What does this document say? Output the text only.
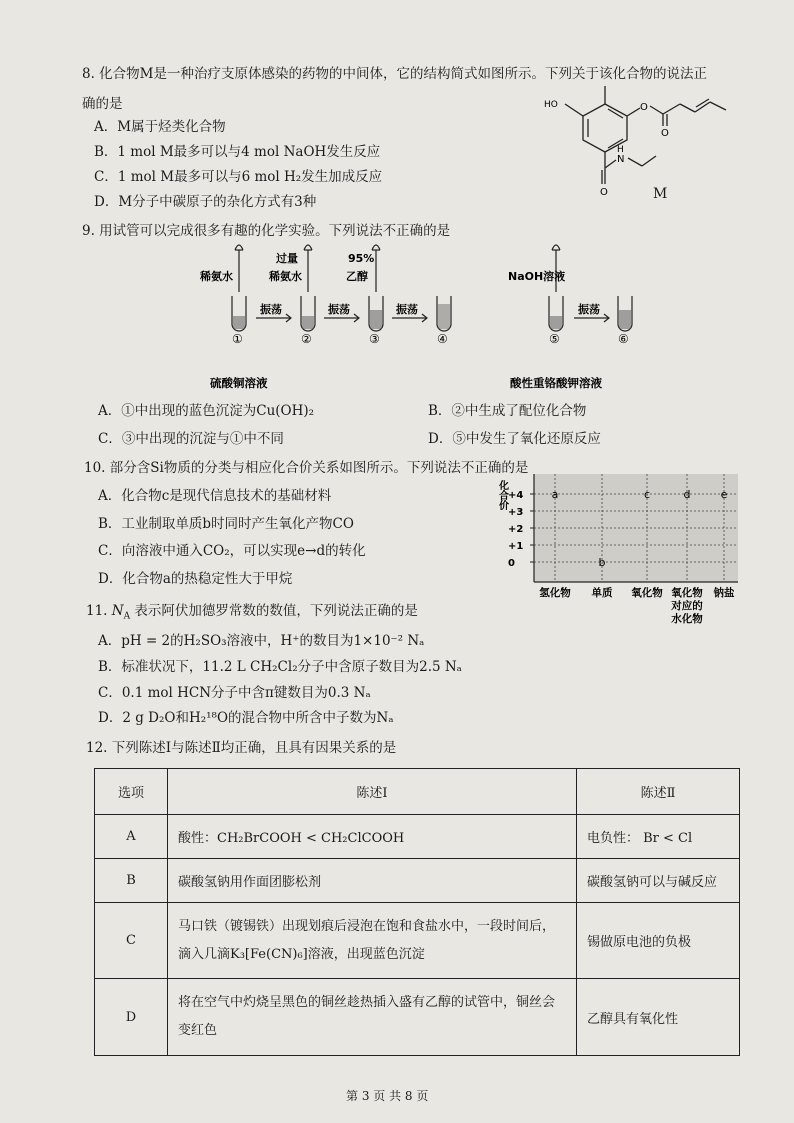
8. 化合物M是一种治疗支原体感染的药物的中间体，它的结构简式如图所示。下列关于该化合物的说法正
确的是
A．M属于烃类化合物
B．1 mol M最多可以与4 mol NaOH发生反应
C．1 mol M最多可以与6 mol H₂发生加成反应
D．M分子中碳原子的杂化方式有3种
HO	O
O
N
H
O	M
9. 用试管可以完成很多有趣的化学实验。下列说法不正确的是
稀氨水
过量
稀氨水
95%
乙醇	NaOH溶液
振荡	振荡	振荡	振荡
①	②	③	④	⑤	⑥
硫酸铜溶液	酸性重铬酸钾溶液
A．①中出现的蓝色沉淀为Cu(OH)₂	B．②中生成了配位化合物
C．③中出现的沉淀与①中不同	D．⑤中发生了氧化还原反应
10. 部分含Si物质的分类与相应化合价关系如图所示。下列说法不正确的是
A．化合物c是现代信息技术的基础材料
B．工业制取单质b时同时产生氧化产物CO
C．向溶液中通入CO₂，可以实现e→d的转化
D．化合物a的热稳定性大于甲烷
化合价 +4
+3
+2
+1
0
氢化物 单质 氧化物 氧化物 钠盐
对应的
水化物
a
b
c	d	e
11. $N_A$ 表示阿伏加德罗常数的数值，下列说法正确的是
A．pH = 2的H₂SO₃溶液中，H⁺的数目为1×10⁻² Nₐ
B．标准状况下，11.2 L CH₂Cl₂分子中含原子数目为2.5 Nₐ
C．0.1 mol HCN分子中含π键数目为0.3 Nₐ
D．2 g D₂O和H₂¹⁸O的混合物中所含中子数为Nₐ
12. 下列陈述Ⅰ与陈述Ⅱ均正确，且具有因果关系的是
选项	陈述Ⅰ	陈述Ⅱ
A	酸性：CH₂BrCOOH < CH₂ClCOOH	电负性： Br < Cl
B	碳酸氢钠用作面团膨松剂	碳酸氢钠可以与碱反应
C	马口铁（镀锡铁）出现划痕后浸泡在饱和食盐水中，一段时间后，
滴入几滴K₃[Fe(CN)₆]溶液，出现蓝色沉淀	锡做原电池的负极
D	将在空气中灼烧呈黑色的铜丝趁热插入盛有乙醇的试管中，铜丝会
变红色	乙醇具有氧化性
第 3 页 共 8 页
